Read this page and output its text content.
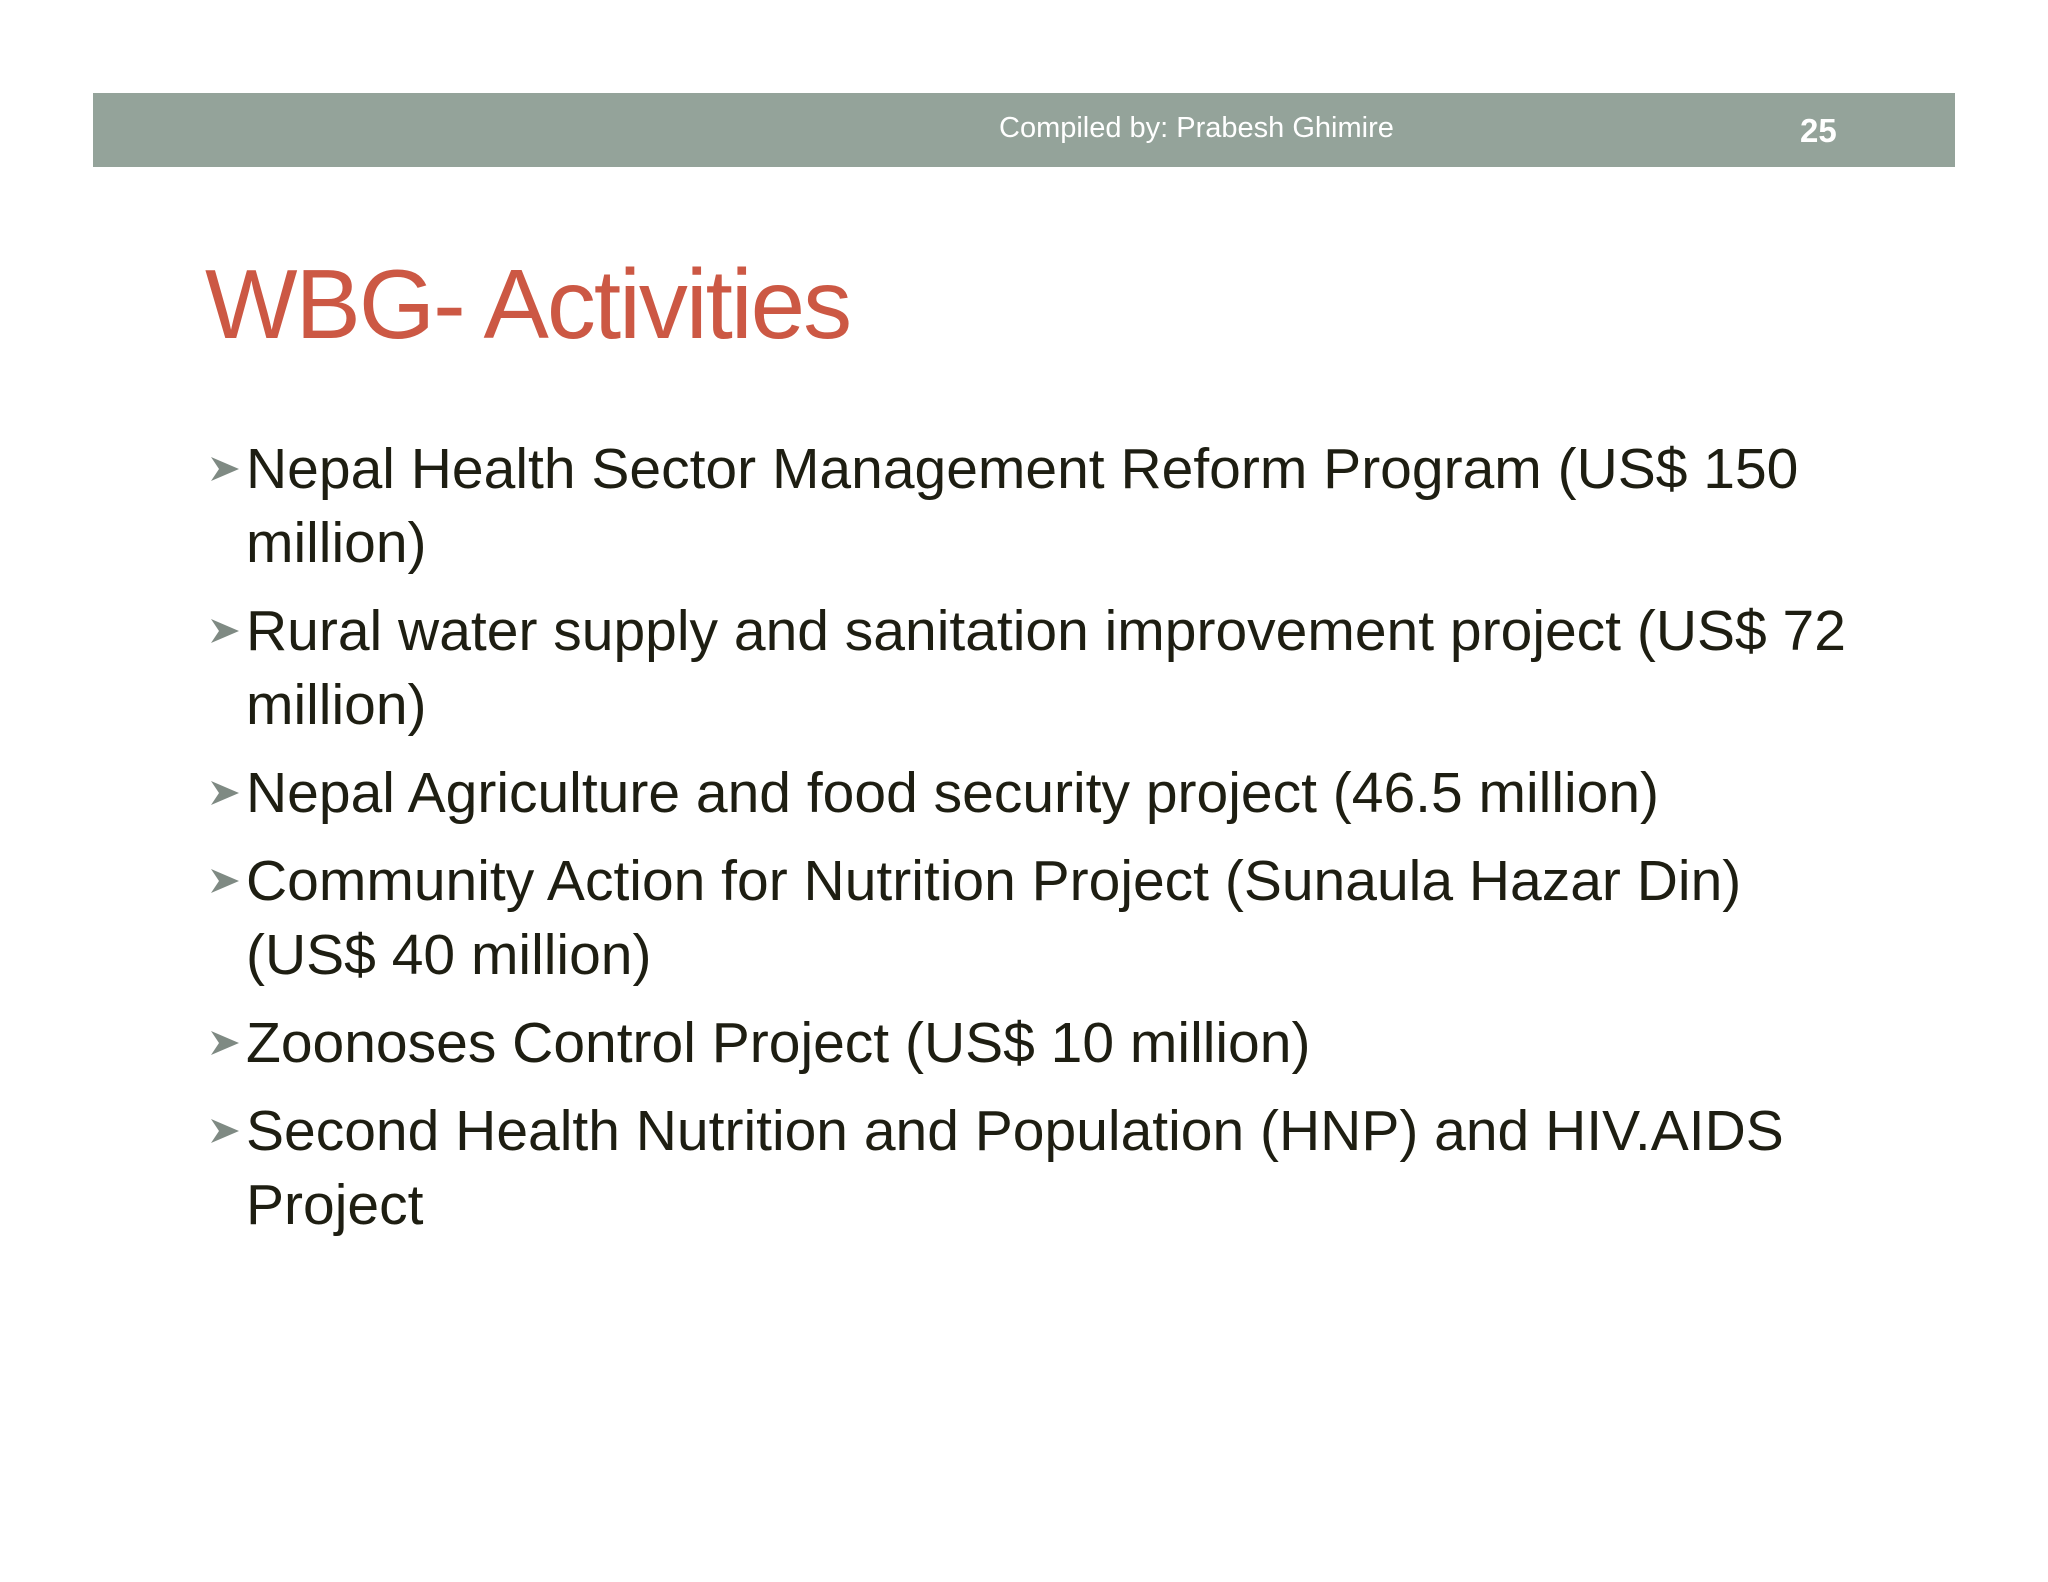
Compiled by: Prabesh Ghimire	25
WBG- Activities
Nepal Health Sector Management Reform Program (US$ 150 million)
Rural water supply and sanitation improvement project (US$ 72 million)
Nepal Agriculture and food security project (46.5 million)
Community Action for Nutrition Project (Sunaula Hazar Din) (US$ 40 million)
Zoonoses Control Project (US$ 10 million)
Second Health Nutrition and Population (HNP) and HIV.AIDS Project
